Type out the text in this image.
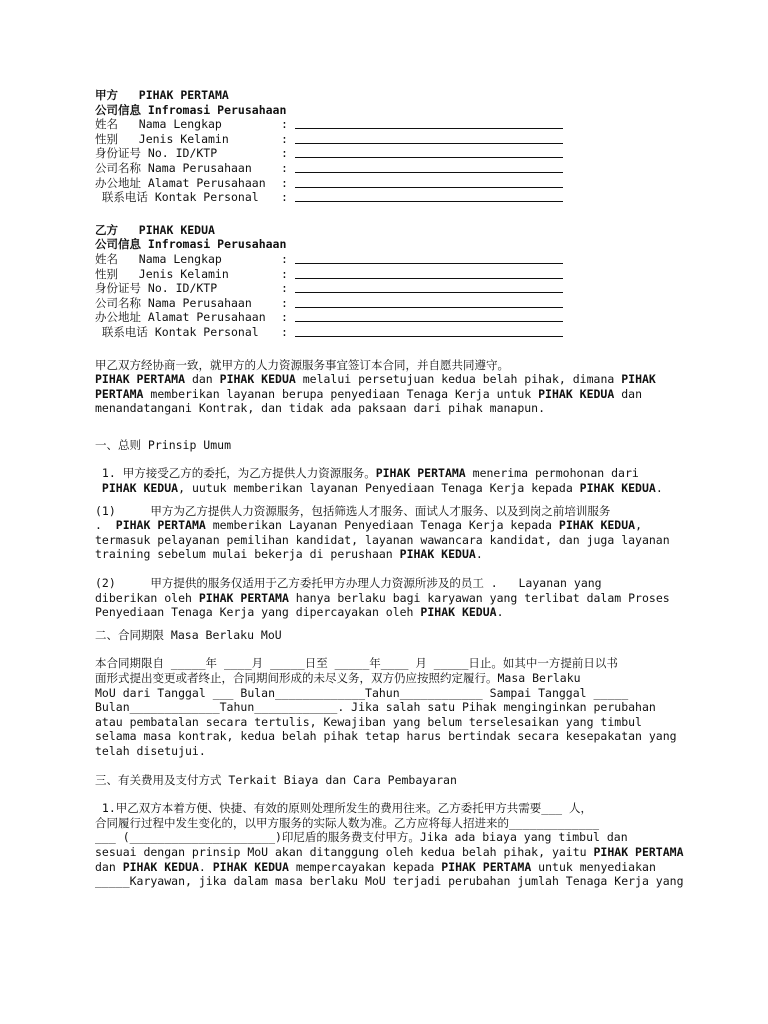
甲方 PIHAK PERTAMA
公司信息 Infromasi Perusahaan
姓名   Nama Lengkap	:
性别   Jenis Kelamin	:
身份证号 No. ID/KTP	:
公司名称 Nama Perusahaan	:
办公地址 Alamat Perusahaan	:
联系电话 Kontak Personal	:
乙方 PIHAK KEDUA
公司信息 Infromasi Perusahaan
姓名   Nama Lengkap	:
性别   Jenis Kelamin	:
身份证号 No. ID/KTP	:
公司名称 Nama Perusahaan	:
办公地址 Alamat Perusahaan	:
联系电话 Kontak Personal	:
甲乙双方经协商一致，就甲方的人力资源服务事宜签订本合同，并自愿共同遵守。
PIHAK PERTAMA dan PIHAK KEDUA melalui persetujuan kedua belah pihak, dimana PIHAK
PERTAMA memberikan layanan berupa penyediaan Tenaga Kerja untuk PIHAK KEDUA dan
menandatangani Kontrak, dan tidak ada paksaan dari pihak manapun.
一、总则 Prinsip Umum
1. 甲方接受乙方的委托，为乙方提供人力资源服务。PIHAK PERTAMA menerima permohonan dari
PIHAK KEDUA, uutuk memberikan layanan Penyediaan Tenaga Kerja kepada PIHAK KEDUA.
(1)     甲方为乙方提供人力资源服务，包括筛选人才服务、面试人才服务、以及到岗之前培训服务
.  PIHAK PERTAMA memberikan Layanan Penyediaan Tenaga Kerja kepada PIHAK KEDUA,
termasuk pelayanan pemilihan kandidat, layanan wawancara kandidat, dan juga layanan
training sebelum mulai bekerja di perushaan PIHAK KEDUA.
(2)     甲方提供的服务仅适用于乙方委托甲方办理人力资源所涉及的员工 .   Layanan yang
diberikan oleh PIHAK PERTAMA hanya berlaku bagi karyawan yang terlibat dalam Proses
Penyediaan Tenaga Kerja yang dipercayakan oleh PIHAK KEDUA.
二、合同期限 Masa Berlaku MoU
本合同期限自 _____年 ____月 _____日至 _____年____ 月 _____日止。如其中一方提前日以书
面形式提出变更或者终止，合同期间形成的未尽义务，双方仍应按照约定履行。Masa Berlaku
MoU dari Tanggal ___ Bulan_____________Tahun____________ Sampai Tanggal _____
Bulan_____________Tahun____________. Jika salah satu Pihak menginginkan perubahan
atau pembatalan secara tertulis, Kewajiban yang belum terselesaikan yang timbul
selama masa kontrak, kedua belah pihak tetap harus bertindak secara kesepakatan yang
telah disetujui.
三、有关费用及支付方式 Terkait Biaya dan Cara Pembayaran
1.甲乙双方本着方便、快捷、有效的原则处理所发生的费用往来。乙方委托甲方共需要___ 人，
合同履行过程中发生变化的，以甲方服务的实际人数为准。乙方应将每人招进来的_____________
___ (_____________________)印尼盾的服务费支付甲方。Jika ada biaya yang timbul dan
sesuai dengan prinsip MoU akan ditanggung oleh kedua belah pihak, yaitu PIHAK PERTAMA
dan PIHAK KEDUA. PIHAK KEDUA mempercayakan kepada PIHAK PERTAMA untuk menyediakan
_____Karyawan, jika dalam masa berlaku MoU terjadi perubahan jumlah Tenaga Kerja yang
